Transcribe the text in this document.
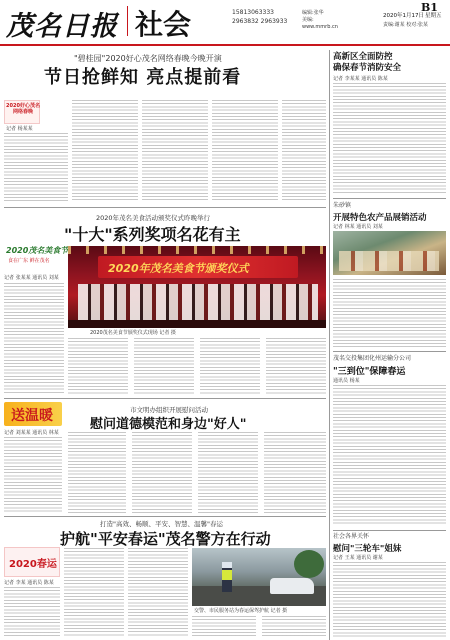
茂名日报 社会	15813063333
2963832 2963933
编辑:张华
美编:
www.mmrb.cn
2020年1月17日 星期五
B1
责编:谢某 校对:张某
"碧桂园"2020好心茂名网络春晚今晚开演
节日抢鲜知 亮点提前看
2020好心茂名
网络春晚
记者 杨某某
2020年茂名美食活动颁奖仪式昨晚举行
"十大"系列奖项名花有主
2020茂名美食节
食在广东 鲜在茂名
记者 张某某 通讯员 刘某
2020年茂名美食节颁奖仪式
2020茂名美食节颁奖仪式现场 记者 摄
送温暖	市文明办组织开展慰问活动
慰问道德模范和身边"好人"
记者 刘某某 通讯员 林某
打造"高效、畅顺、平安、智慧、温馨"春运
护航"平安春运"茂名警方在行动
2020春运
记者 李某 通讯员 陈某
交警、市民服务站为春运保驾护航 记者 摄
高新区全面防控
确保春节消防安全
记者 李某某 通讯员 陈某
朱砂镇
开展特色农产品展销活动
记者 林某 通讯员 刘某
茂名交投集团化州运输分公司
"三到位"保障春运
通讯员 杨某
社会各界关怀
慰问"三轮车"姐妹
记者 王某 通讯员 谢某
